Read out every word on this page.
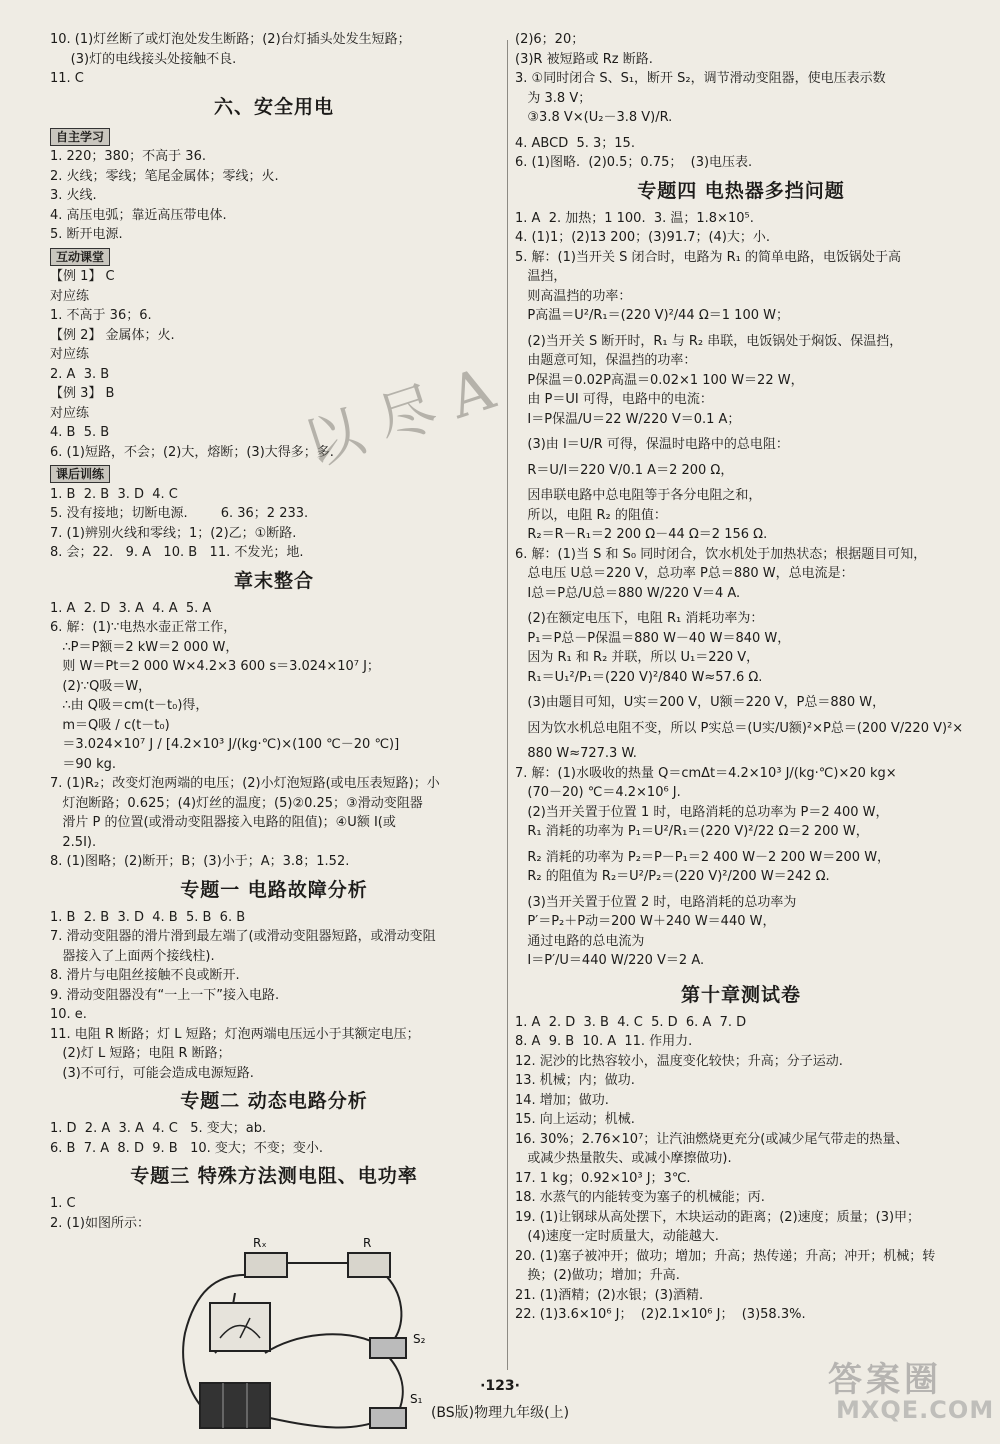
10. (1)灯丝断了或灯泡处发生断路；(2)台灯插头处发生短路；
(3)灯的电线接头处接触不良.
11. C
六、安全用电
自主学习
1. 220；380；不高于 36.
2. 火线；零线；笔尾金属体；零线；火.
3. 火线.
4. 高压电弧；靠近高压带电体.
5. 断开电源.
互动课堂
【例 1】 C
对应练
1. 不高于 36；6.
【例 2】 金属体；火.
对应练
2. A  3. B
【例 3】 B
对应练
4. B  5. B
6. (1)短路，不会；(2)大，熔断；(3)大得多；多.
课后训练
1. B  2. B  3. D  4. C
5. 没有接地；切断电源.        6. 36；2 233.
7. (1)辨别火线和零线；1；(2)乙；①断路.
8. 会；22.   9. A   10. B   11. 不发光；地.
章末整合
1. A  2. D  3. A  4. A  5. A
6. 解：(1)∵电热水壶正常工作，
∴P＝P额＝2 kW＝2 000 W，
则 W＝Pt＝2 000 W×4.2×3 600 s＝3.024×10⁷ J；
(2)∵Q吸＝W，
∴由 Q吸＝cm(t－t₀)得，
m＝Q吸 / c(t－t₀)
＝3.024×10⁷ J / [4.2×10³ J/(kg·℃)×(100 ℃－20 ℃)]
＝90 kg.
7. (1)R₂；改变灯泡两端的电压；(2)小灯泡短路(或电压表短路)；小
灯泡断路；0.625；(4)灯丝的温度；(5)②0.25；③滑动变阻器
滑片 P 的位置(或滑动变阻器接入电路的阻值)；④U额 I(或
2.5I).
8. (1)图略；(2)断开；B；(3)小于；A；3.8；1.52.
专题一 电路故障分析
1. B  2. B  3. D  4. B  5. B  6. B
7. 滑动变阻器的滑片滑到最左端了(或滑动变阻器短路，或滑动变阻
器接入了上面两个接线柱).
8. 滑片与电阻丝接触不良或断开.
9. 滑动变阻器没有“一上一下”接入电路.
10. e.
11. 电阻 R 断路；灯 L 短路；灯泡两端电压远小于其额定电压；
(2)灯 L 短路；电阻 R 断路；
(3)不可行，可能会造成电源短路.
专题二 动态电路分析
1. D  2. A  3. A  4. C   5. 变大；ab.
6. B  7. A  8. D  9. B   10. 变大；不变；变小.
专题三 特殊方法测电阻、电功率
1. C
2. (1)如图所示：
Rₓ	R
S₂
S₁
(2)6；20；
(3)R 被短路或 Rz 断路.
3. ①同时闭合 S、S₁，断开 S₂，调节滑动变阻器，使电压表示数
为 3.8 V；
③3.8 V×(U₂－3.8 V)/R.
4. ABCD  5. 3；15.
6. (1)图略.  (2)0.5；0.75；  (3)电压表.
专题四 电热器多挡问题
1. A  2. 加热；1 100.  3. 温；1.8×10⁵.
4. (1)1；(2)13 200；(3)91.7；(4)大；小.
5. 解：(1)当开关 S 闭合时，电路为 R₁ 的简单电路，电饭锅处于高
温挡，
则高温挡的功率：
P高温＝U²/R₁＝(220 V)²/44 Ω＝1 100 W；
(2)当开关 S 断开时，R₁ 与 R₂ 串联，电饭锅处于焖饭、保温挡，
由题意可知，保温挡的功率：
P保温＝0.02P高温＝0.02×1 100 W＝22 W，
由 P＝UI 可得，电路中的电流：
I＝P保温/U＝22 W/220 V＝0.1 A；
(3)由 I＝U/R 可得，保温时电路中的总电阻：
R＝U/I＝220 V/0.1 A＝2 200 Ω，
因串联电路中总电阻等于各分电阻之和，
所以，电阻 R₂ 的阻值：
R₂＝R－R₁＝2 200 Ω－44 Ω＝2 156 Ω.
6. 解：(1)当 S 和 S₀ 同时闭合，饮水机处于加热状态；根据题目可知，
总电压 U总＝220 V，总功率 P总＝880 W，总电流是：
I总＝P总/U总＝880 W/220 V＝4 A.
(2)在额定电压下，电阻 R₁ 消耗功率为：
P₁＝P总－P保温＝880 W－40 W＝840 W，
因为 R₁ 和 R₂ 并联，所以 U₁＝220 V，
R₁＝U₁²/P₁＝(220 V)²/840 W≈57.6 Ω.
(3)由题目可知，U实＝200 V，U额＝220 V，P总＝880 W，
因为饮水机总电阻不变，所以 P实总＝(U实/U额)²×P总＝(200 V/220 V)²×
880 W≈727.3 W.
7. 解：(1)水吸收的热量 Q＝cmΔt＝4.2×10³ J/(kg·℃)×20 kg×
(70－20) ℃＝4.2×10⁶ J.
(2)当开关置于位置 1 时，电路消耗的总功率为 P＝2 400 W，
R₁ 消耗的功率为 P₁＝U²/R₁＝(220 V)²/22 Ω＝2 200 W，
R₂ 消耗的功率为 P₂＝P－P₁＝2 400 W－2 200 W＝200 W，
R₂ 的阻值为 R₂＝U²/P₂＝(220 V)²/200 W＝242 Ω.
(3)当开关置于位置 2 时，电路消耗的总功率为
P′＝P₂＋P动＝200 W＋240 W＝440 W，
通过电路的总电流为
I＝P′/U＝440 W/220 V＝2 A.
第十章测试卷
1. A  2. D  3. B  4. C  5. D  6. A  7. D
8. A  9. B  10. A  11. 作用力.
12. 泥沙的比热容较小，温度变化较快；升高；分子运动.
13. 机械；内；做功.
14. 增加；做功.
15. 向上运动；机械.
16. 30%；2.76×10⁷；让汽油燃烧更充分(或减少尾气带走的热量、
或减少热量散失、或减小摩擦做功).
17. 1 kg；0.92×10³ J；3℃.
18. 水蒸气的内能转变为塞子的机械能；丙.
19. (1)让钢球从高处摆下，木块运动的距离；(2)速度；质量；(3)甲；
(4)速度一定时质量大，动能越大.
20. (1)塞子被冲开；做功；增加；升高；热传递；升高；冲开；机械；转
换；(2)做功；增加；升高.
21. (1)酒精；(2)水银；(3)酒精.
22. (1)3.6×10⁶ J；  (2)2.1×10⁶ J；  (3)58.3%.
以 尽 A
·123·
(BS版)物理九年级(上)
答案圈
MXQE.COM
